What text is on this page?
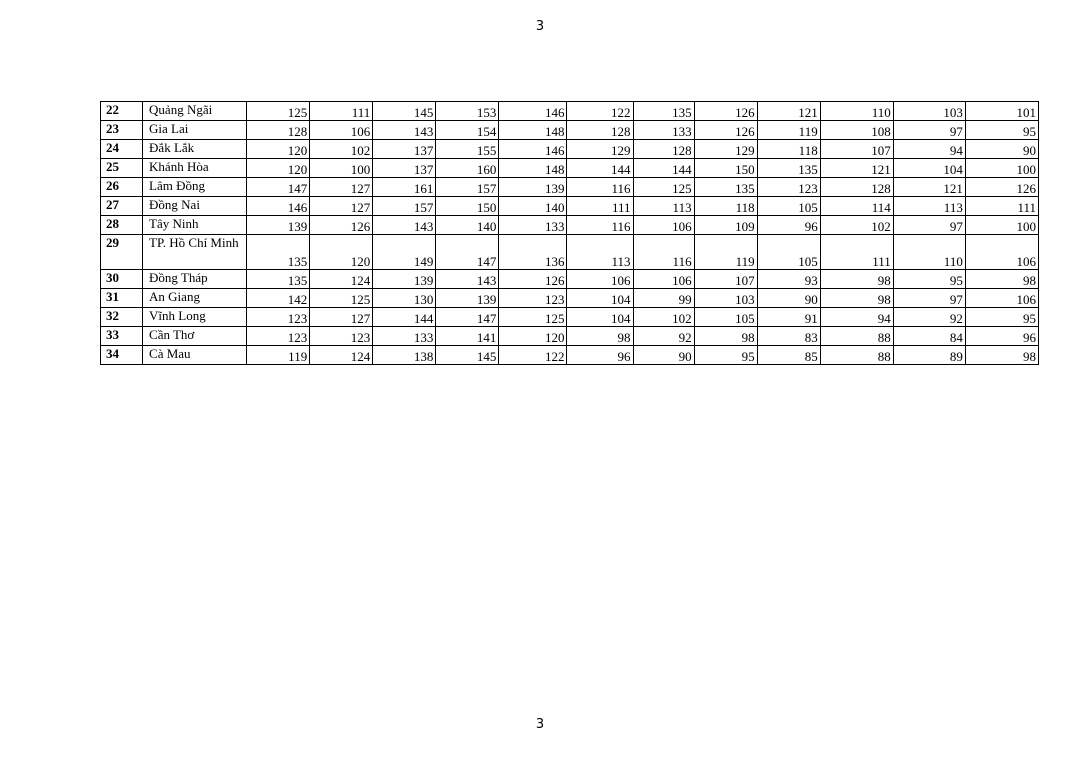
3
22	Quảng Ngãi	125	111	145	153	146	122	135	126	121	110	103	101
23	Gia Lai	128	106	143	154	148	128	133	126	119	108	97	95
24	Đắk Lắk	120	102	137	155	146	129	128	129	118	107	94	90
25	Khánh Hòa	120	100	137	160	148	144	144	150	135	121	104	100
26	Lâm Đồng	147	127	161	157	139	116	125	135	123	128	121	126
27	Đồng Nai	146	127	157	150	140	111	113	118	105	114	113	111
28	Tây Ninh	139	126	143	140	133	116	106	109	96	102	97	100
29	TP. Hồ Chí Minh	135	120	149	147	136	113	116	119	105	111	110	106
30	Đồng Tháp	135	124	139	143	126	106	106	107	93	98	95	98
31	An Giang	142	125	130	139	123	104	99	103	90	98	97	106
32	Vĩnh Long	123	127	144	147	125	104	102	105	91	94	92	95
33	Cần Thơ	123	123	133	141	120	98	92	98	83	88	84	96
34	Cà Mau	119	124	138	145	122	96	90	95	85	88	89	98
3
